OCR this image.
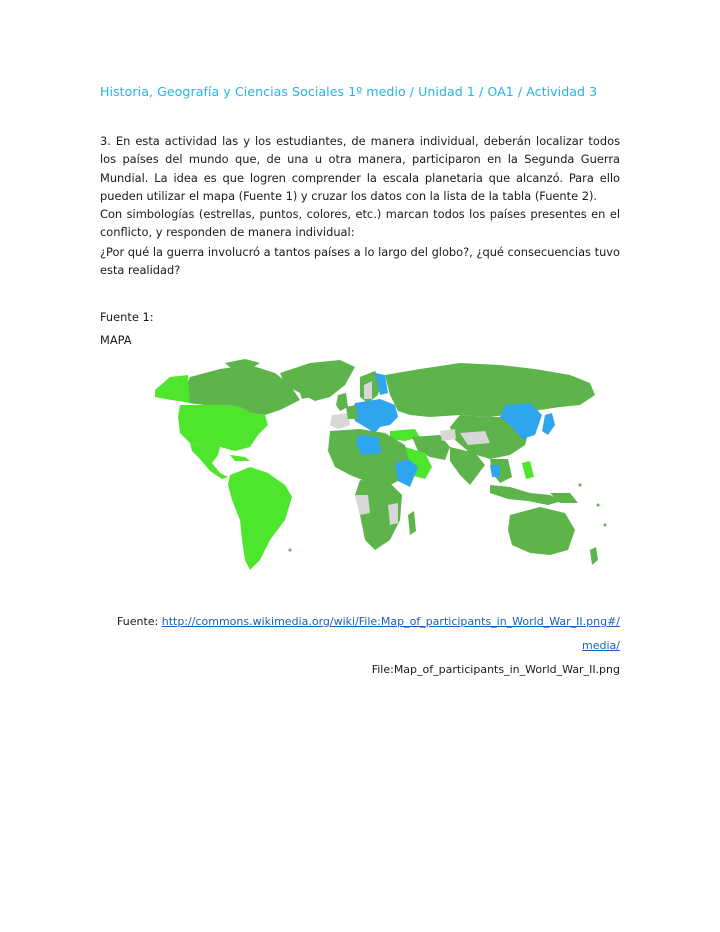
Historia, Geografía y Ciencias Sociales 1º medio / Unidad 1 / OA1 / Actividad 3
3. En esta actividad las y los estudiantes, de manera individual, deberán localizar todos los países del mundo que, de una u otra manera, participaron en la Segunda Guerra Mundial. La idea es que logren comprender la escala planetaria que alcanzó. Para ello pueden utilizar el mapa (Fuente 1) y cruzar los datos con la lista de la tabla (Fuente 2).
Con simbologías (estrellas, puntos, colores, etc.) marcan todos los países presentes en el conflicto, y responden de manera individual:
¿Por qué la guerra involucró a tantos países a lo largo del globo?, ¿qué consecuencias tuvo esta realidad?
Fuente 1:
MAPA
Fuente: http://commons.wikimedia.org/wiki/File:Map_of_participants_in_World_War_II.png#/
media/
File:Map_of_participants_in_World_War_II.png
